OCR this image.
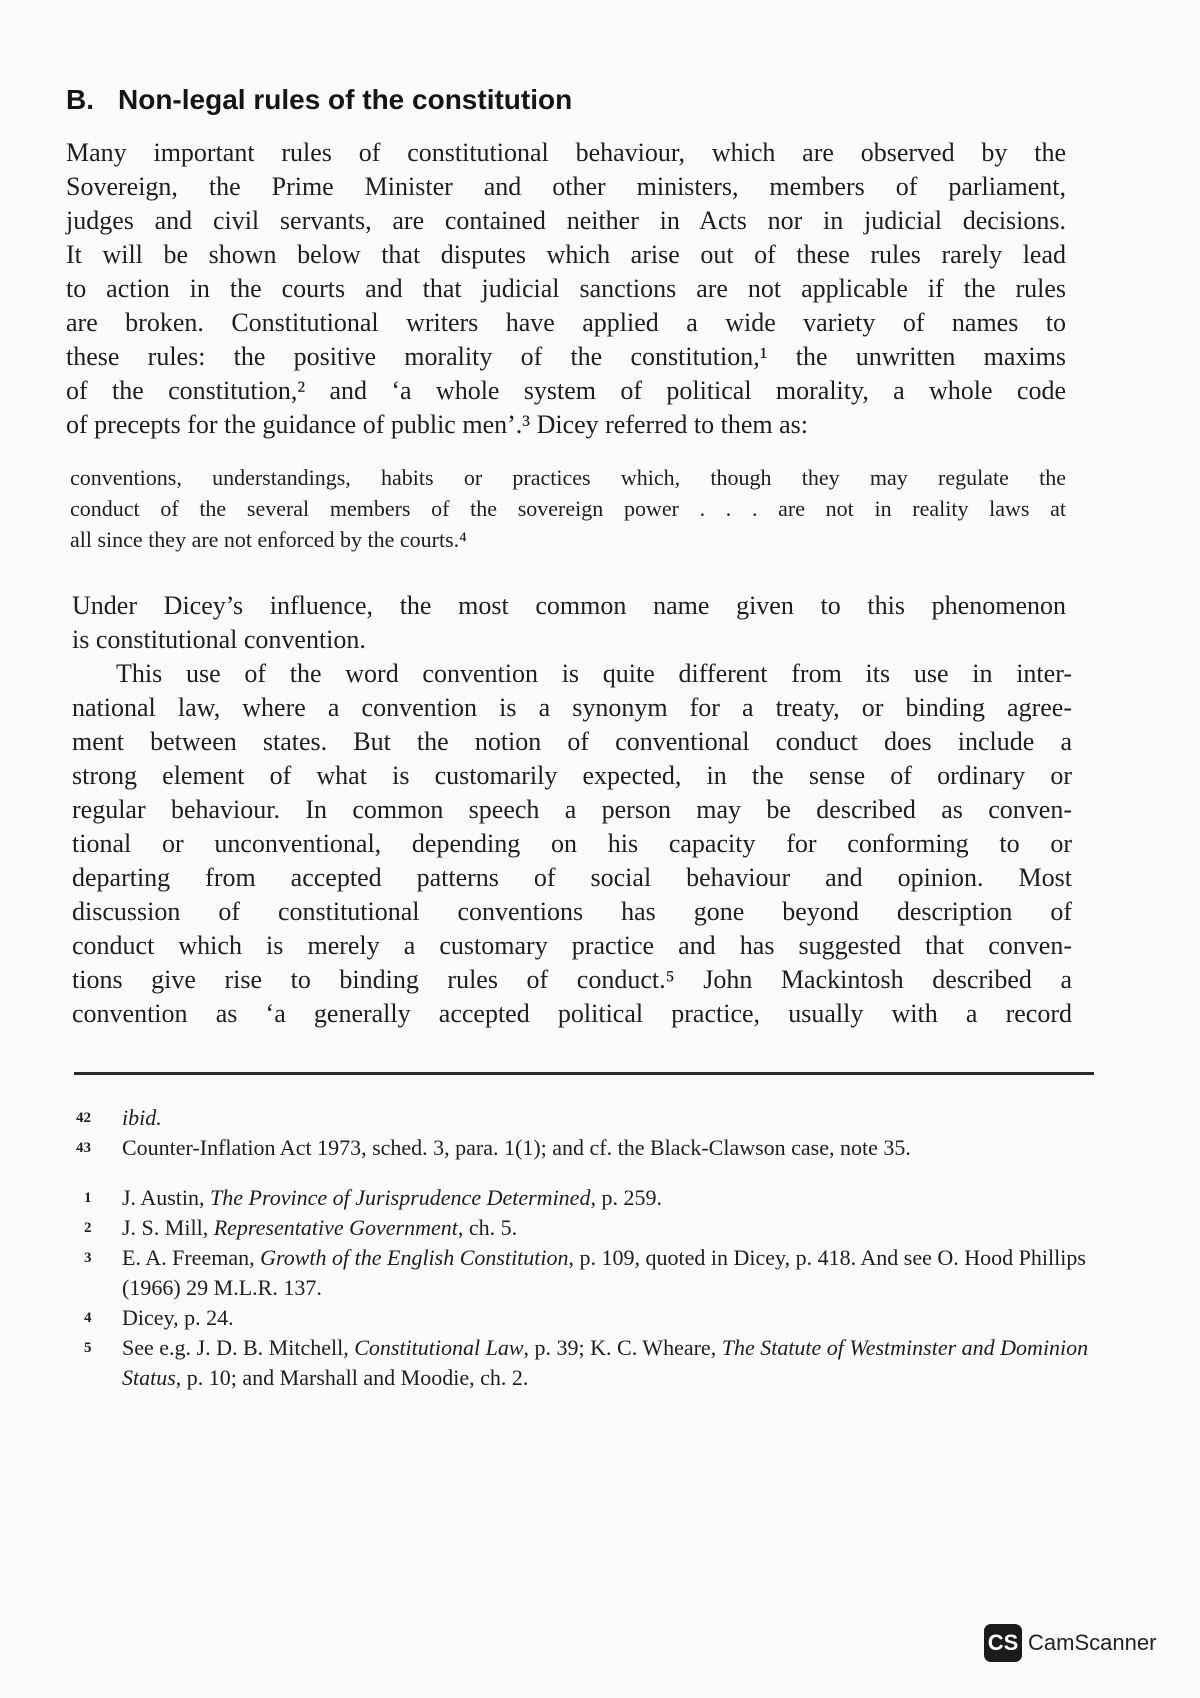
B. Non-legal rules of the constitution
Many important rules of constitutional behaviour, which are observed by the
Sovereign, the Prime Minister and other ministers, members of parliament,
judges and civil servants, are contained neither in Acts nor in judicial decisions.
It will be shown below that disputes which arise out of these rules rarely lead
to action in the courts and that judicial sanctions are not applicable if the rules
are broken. Constitutional writers have applied a wide variety of names to
these rules: the positive morality of the constitution,¹ the unwritten maxims
of the constitution,² and ‘a whole system of political morality, a whole code
of precepts for the guidance of public men’.³ Dicey referred to them as:
conventions, understandings, habits or practices which, though they may regulate the
conduct of the several members of the sovereign power . . . are not in reality laws at
all since they are not enforced by the courts.⁴
Under Dicey’s influence, the most common name given to this phenomenon
is constitutional convention.
This use of the word convention is quite different from its use in inter-
national law, where a convention is a synonym for a treaty, or binding agree-
ment between states. But the notion of conventional conduct does include a
strong element of what is customarily expected, in the sense of ordinary or
regular behaviour. In common speech a person may be described as conven-
tional or unconventional, depending on his capacity for conforming to or
departing from accepted patterns of social behaviour and opinion. Most
discussion of constitutional conventions has gone beyond description of
conduct which is merely a customary practice and has suggested that conven-
tions give rise to binding rules of conduct.⁵ John Mackintosh described a
convention as ‘a generally accepted political practice, usually with a record
42 ibid.
43 Counter-Inflation Act 1973, sched. 3, para. 1(1); and cf. the Black-Clawson case, note 35.
1 J. Austin, The Province of Jurisprudence Determined, p. 259.
2 J. S. Mill, Representative Government, ch. 5.
3 E. A. Freeman, Growth of the English Constitution, p. 109, quoted in Dicey, p. 418. And see O. Hood Phillips (1966) 29 M.L.R. 137.
4 Dicey, p. 24.
5 See e.g. J. D. B. Mitchell, Constitutional Law, p. 39; K. C. Wheare, The Statute of Westminster and Dominion Status, p. 10; and Marshall and Moodie, ch. 2.
CS CamScanner
